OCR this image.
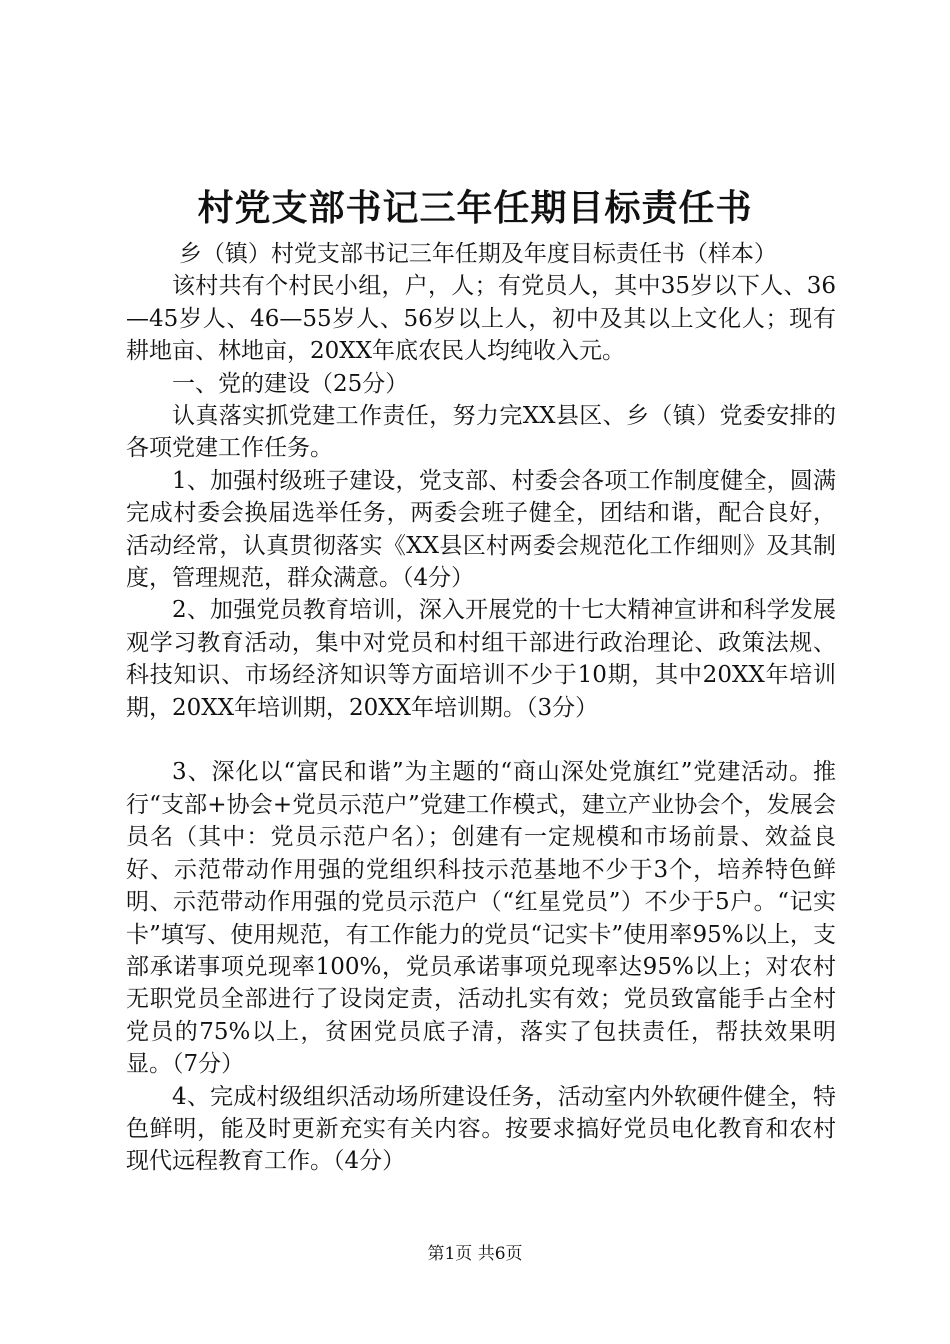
村党支部书记三年任期目标责任书

乡（镇）村党支部书记三年任期及年度目标责任书（样本）

该村共有个村民小组，户，人；有党员人，其中35岁以下人、36—45岁人、46—55岁人、56岁以上人，初中及其以上文化人；现有耕地亩、林地亩，20XX年底农民人均纯收入元。

一、党的建设（25分）

认真落实抓党建工作责任，努力完XX县区、乡（镇）党委安排的各项党建工作任务。

1、加强村级班子建设，党支部、村委会各项工作制度健全，圆满完成村委会换届选举任务，两委会班子健全，团结和谐，配合良好，活动经常，认真贯彻落实《XX县区村两委会规范化工作细则》及其制度，管理规范，群众满意。（4分）

2、加强党员教育培训，深入开展党的十七大精神宣讲和科学发展观学习教育活动，集中对党员和村组干部进行政治理论、政策法规、科技知识、市场经济知识等方面培训不少于10期，其中20XX年培训期，20XX年培训期，20XX年培训期。（3分）

3、深化以“富民和谐”为主题的“商山深处党旗红”党建活动。推行“支部+协会+党员示范户”党建工作模式，建立产业协会个，发展会员名（其中：党员示范户名）；创建有一定规模和市场前景、效益良好、示范带动作用强的党组织科技示范基地不少于3个，培养特色鲜明、示范带动作用强的党员示范户（“红星党员”）不少于5户。“记实卡”填写、使用规范，有工作能力的党员“记实卡”使用率95%以上，支部承诺事项兑现率100%，党员承诺事项兑现率达95%以上；对农村无职党员全部进行了设岗定责，活动扎实有效；党员致富能手占全村党员的75%以上，贫困党员底子清，落实了包扶责任，帮扶效果明显。（7分）

4、完成村级组织活动场所建设任务，活动室内外软硬件健全，特色鲜明，能及时更新充实有关内容。按要求搞好党员电化教育和农村现代远程教育工作。（4分）

第1页 共6页
